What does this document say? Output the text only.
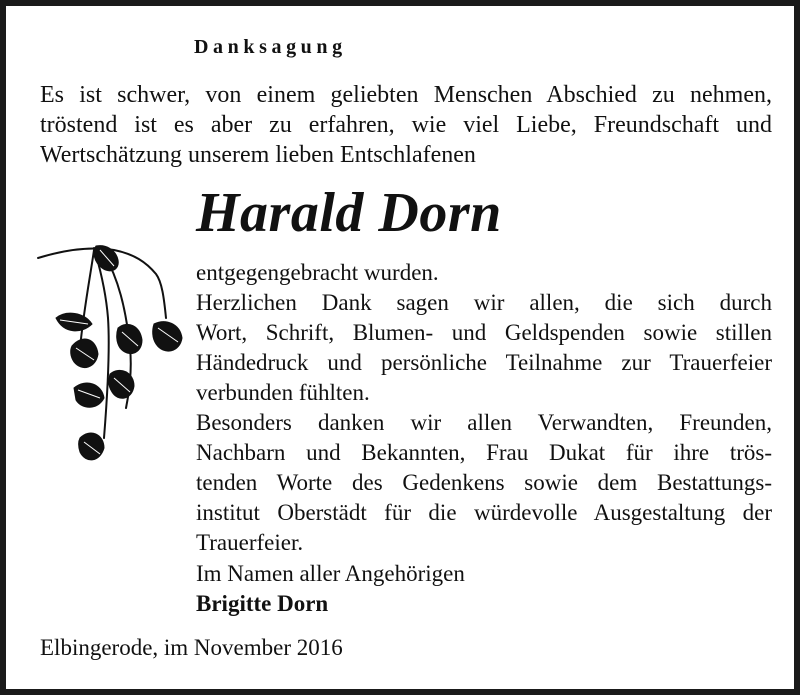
Danksagung
Es ist schwer, von einem geliebten Menschen Abschied zu nehmen,
tröstend ist es aber zu erfahren, wie viel Liebe, Freundschaft und
Wertschätzung unserem lieben Entschlafenen
Harald Dorn
entgegengebracht wurden.
Herzlichen Dank sagen wir allen, die sich durch
Wort, Schrift, Blumen- und Geldspenden sowie stillen
Händedruck und persönliche Teilnahme zur Trauerfeier
verbunden fühlten.
Besonders danken wir allen Verwandten, Freunden,
Nachbarn und Bekannten, Frau Dukat für ihre trös-
tenden Worte des Gedenkens sowie dem Bestattungs-
institut Oberstädt für die würdevolle Ausgestaltung der
Trauerfeier.
Im Namen aller Angehörigen
Brigitte Dorn
Elbingerode, im November 2016
